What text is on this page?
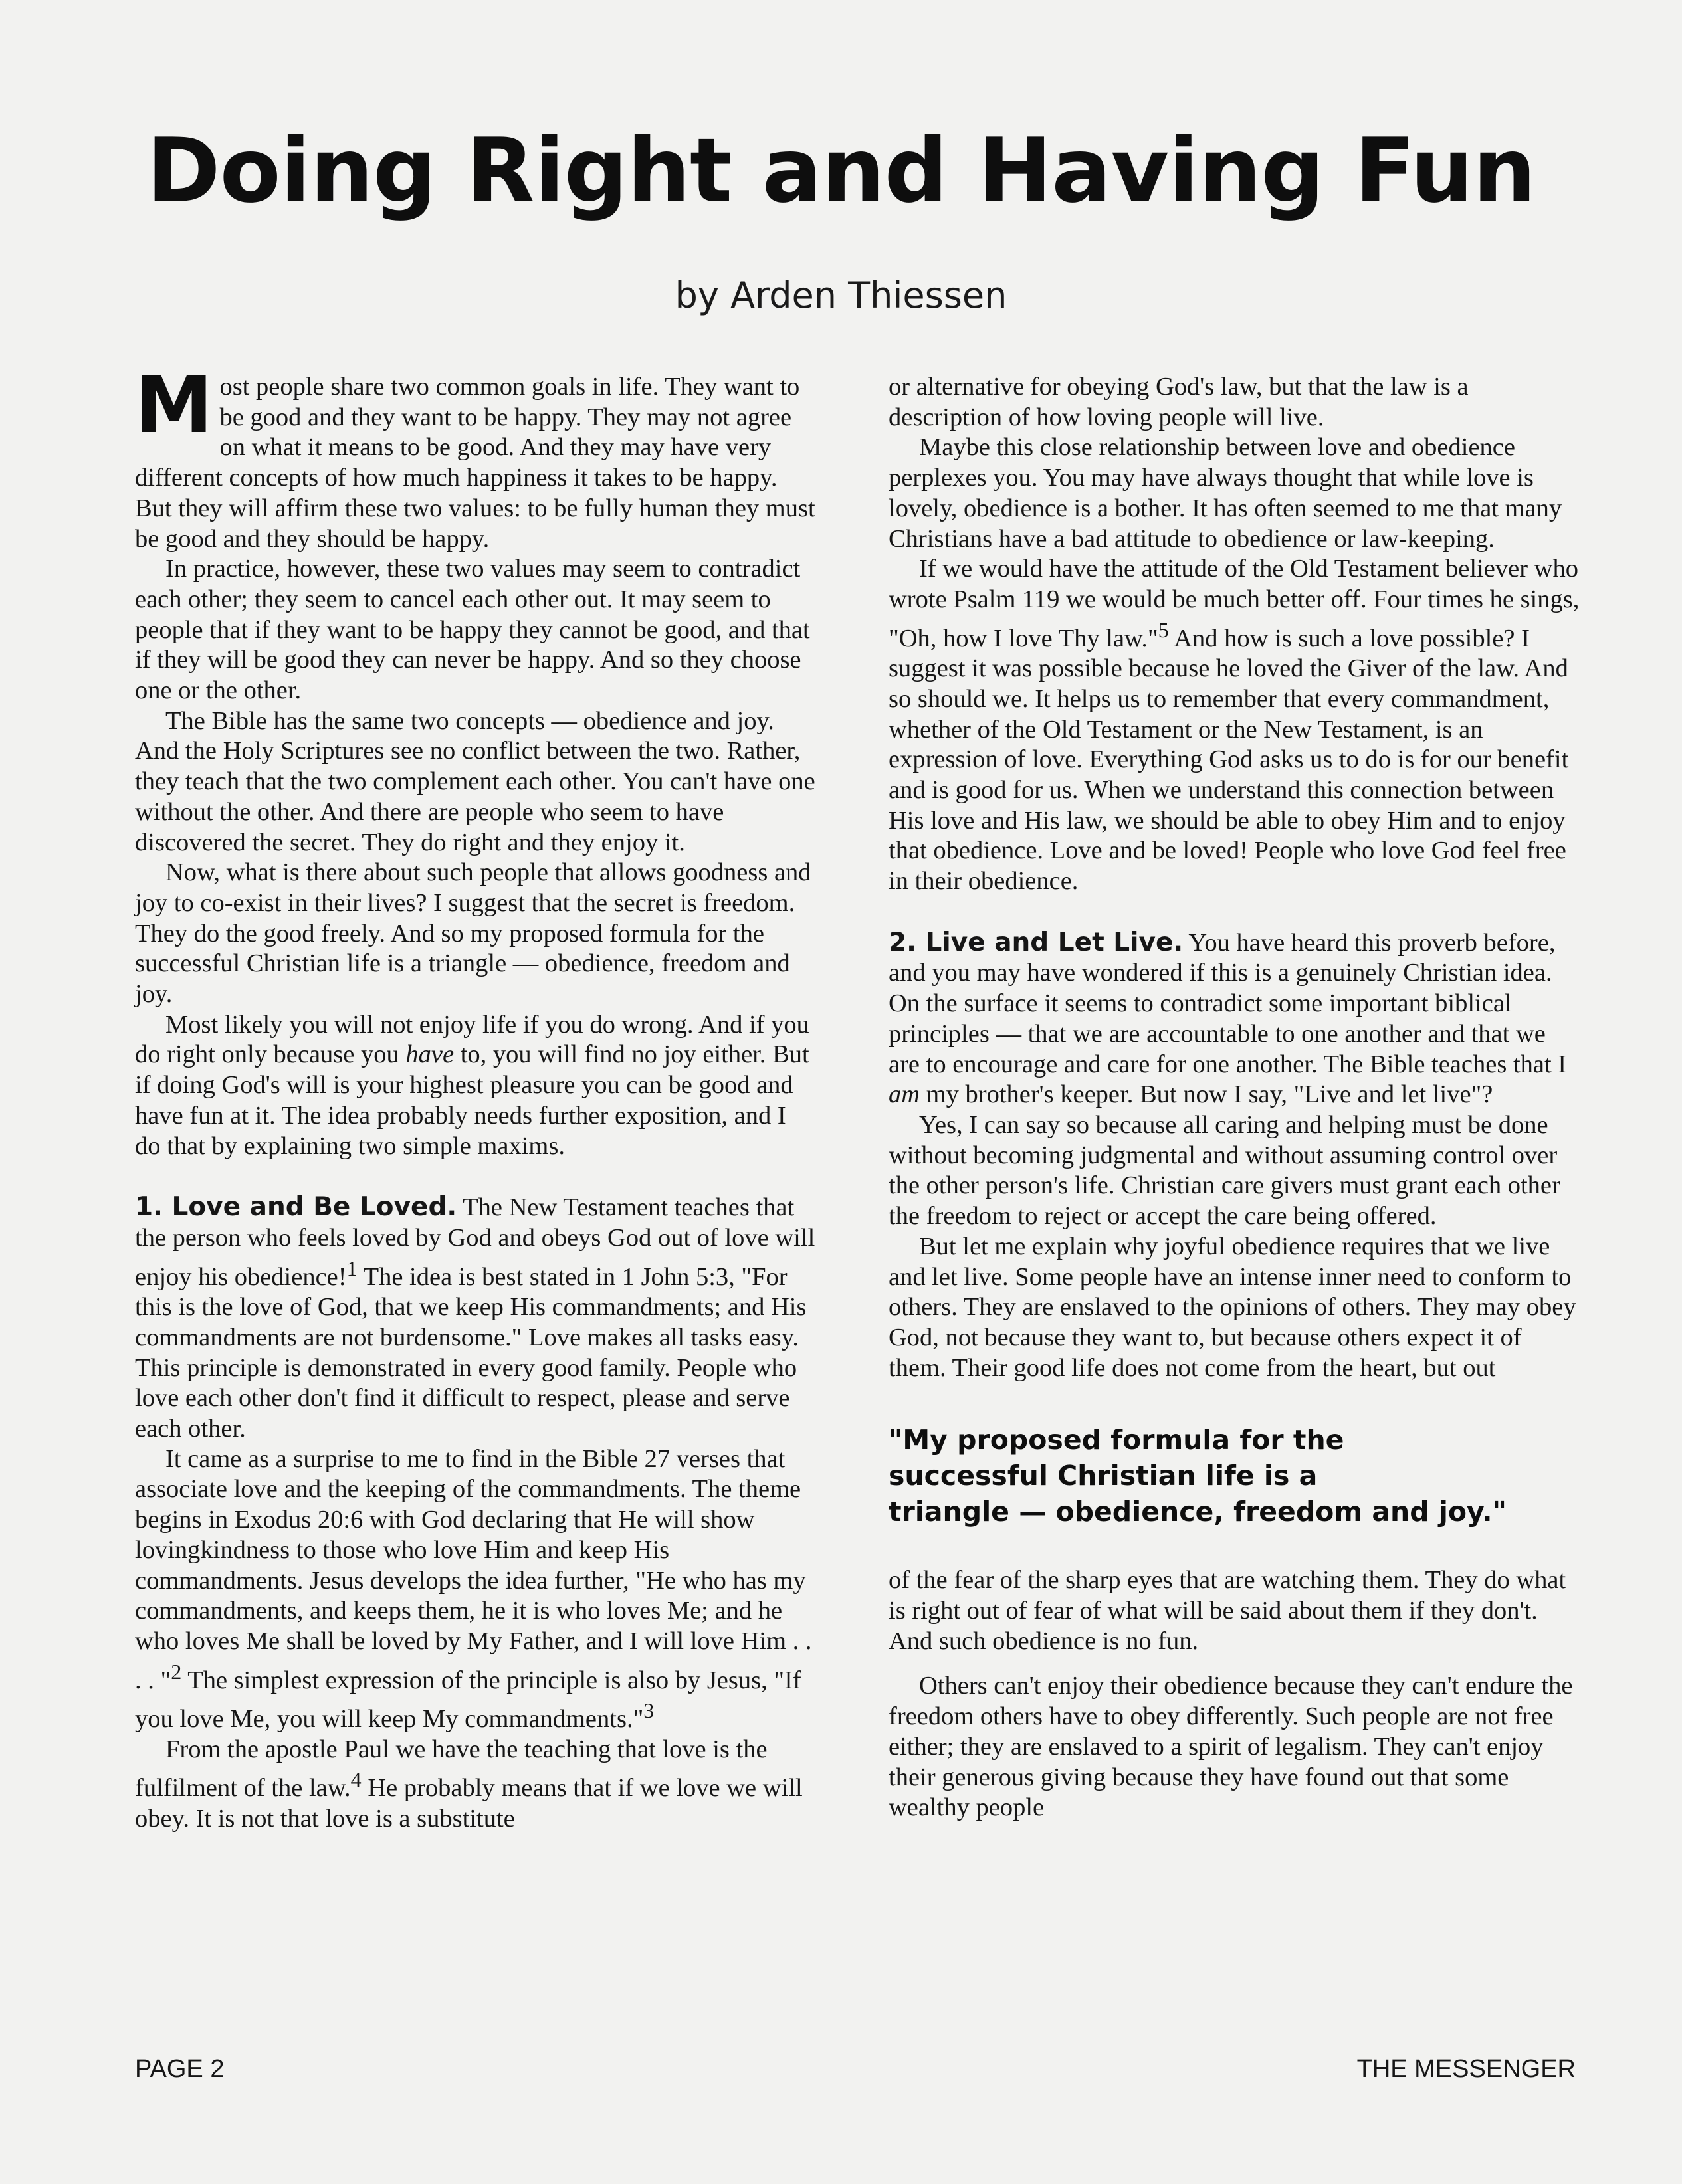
Doing Right and Having Fun
by Arden Thiessen

Most people share two common goals in life. They want to be good and they want to be happy. They may not agree on what it means to be good. And they may have very different concepts of how much happiness it takes to be happy. But they will affirm these two values: to be fully human they must be good and they should be happy.

In practice, however, these two values may seem to contradict each other; they seem to cancel each other out. It may seem to people that if they want to be happy they cannot be good, and that if they will be good they can never be happy. And so they choose one or the other.

The Bible has the same two concepts — obedience and joy. And the Holy Scriptures see no conflict between the two. Rather, they teach that the two complement each other. You can't have one without the other. And there are people who seem to have discovered the secret. They do right and they enjoy it.

Now, what is there about such people that allows goodness and joy to co-exist in their lives? I suggest that the secret is freedom. They do the good freely. And so my proposed formula for the successful Christian life is a triangle — obedience, freedom and joy.

Most likely you will not enjoy life if you do wrong. And if you do right only because you have to, you will find no joy either. But if doing God's will is your highest pleasure you can be good and have fun at it. The idea probably needs further exposition, and I do that by explaining two simple maxims.

1. Love and Be Loved. The New Testament teaches that the person who feels loved by God and obeys God out of love will enjoy his obedience!$^1$ The idea is best stated in 1 John 5:3, "For this is the love of God, that we keep His commandments; and His commandments are not burdensome." Love makes all tasks easy. This principle is demonstrated in every good family. People who love each other don't find it difficult to respect, please and serve each other.

It came as a surprise to me to find in the Bible 27 verses that associate love and the keeping of the commandments. The theme begins in Exodus 20:6 with God declaring that He will show lovingkindness to those who love Him and keep His commandments. Jesus develops the idea further, "He who has my commandments, and keeps them, he it is who loves Me; and he who loves Me shall be loved by My Father, and I will love Him . . . . "$^2$ The simplest expression of the principle is also by Jesus, "If you love Me, you will keep My commandments."$^3$

From the apostle Paul we have the teaching that love is the fulfilment of the law.$^4$ He probably means that if we love we will obey. It is not that love is a substitute

or alternative for obeying God's law, but that the law is a description of how loving people will live.

Maybe this close relationship between love and obedience perplexes you. You may have always thought that while love is lovely, obedience is a bother. It has often seemed to me that many Christians have a bad attitude to obedience or law-keeping.

If we would have the attitude of the Old Testament believer who wrote Psalm 119 we would be much better off. Four times he sings, "Oh, how I love Thy law."$^5$ And how is such a love possible? I suggest it was possible because he loved the Giver of the law. And so should we. It helps us to remember that every commandment, whether of the Old Testament or the New Testament, is an expression of love. Everything God asks us to do is for our benefit and is good for us. When we understand this connection between His love and His law, we should be able to obey Him and to enjoy that obedience. Love and be loved! People who love God feel free in their obedience.

2. Live and Let Live. You have heard this proverb before, and you may have wondered if this is a genuinely Christian idea. On the surface it seems to contradict some important biblical principles — that we are accountable to one another and that we are to encourage and care for one another. The Bible teaches that I am my brother's keeper. But now I say, "Live and let live"?

Yes, I can say so because all caring and helping must be done without becoming judgmental and without assuming control over the other person's life. Christian care givers must grant each other the freedom to reject or accept the care being offered.

But let me explain why joyful obedience requires that we live and let live. Some people have an intense inner need to conform to others. They are enslaved to the opinions of others. They may obey God, not because they want to, but because others expect it of them. Their good life does not come from the heart, but out

"My proposed formula for the
successful Christian life is a
triangle — obedience, freedom and joy."

of the fear of the sharp eyes that are watching them. They do what is right out of fear of what will be said about them if they don't. And such obedience is no fun.

Others can't enjoy their obedience because they can't endure the freedom others have to obey differently. Such people are not free either; they are enslaved to a spirit of legalism. They can't enjoy their generous giving because they have found out that some wealthy people

PAGE 2	THE MESSENGER
